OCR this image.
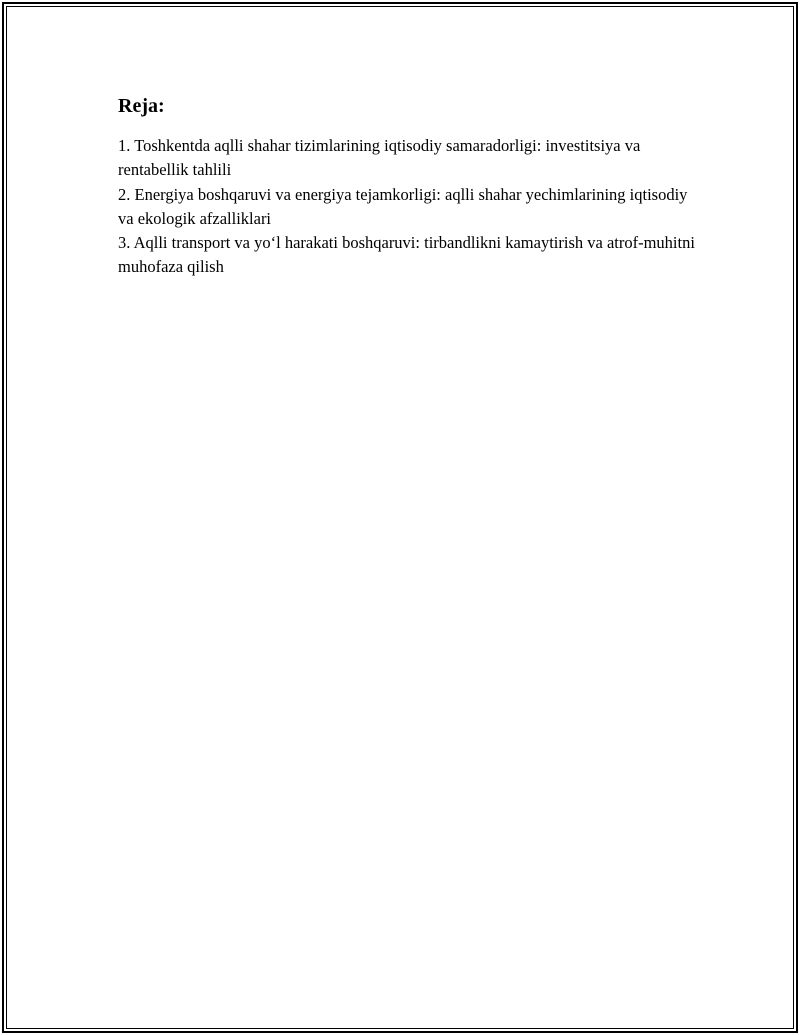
Reja:
1. Toshkentda aqlli shahar tizimlarining iqtisodiy samaradorligi: investitsiya va rentabellik tahlili
2. Energiya boshqaruvi va energiya tejamkorligi: aqlli shahar yechimlarining iqtisodiy va ekologik afzalliklari
3. Aqlli transport va yo‘l harakati boshqaruvi: tirbandlikni kamaytirish va atrof-muhitni muhofaza qilish
